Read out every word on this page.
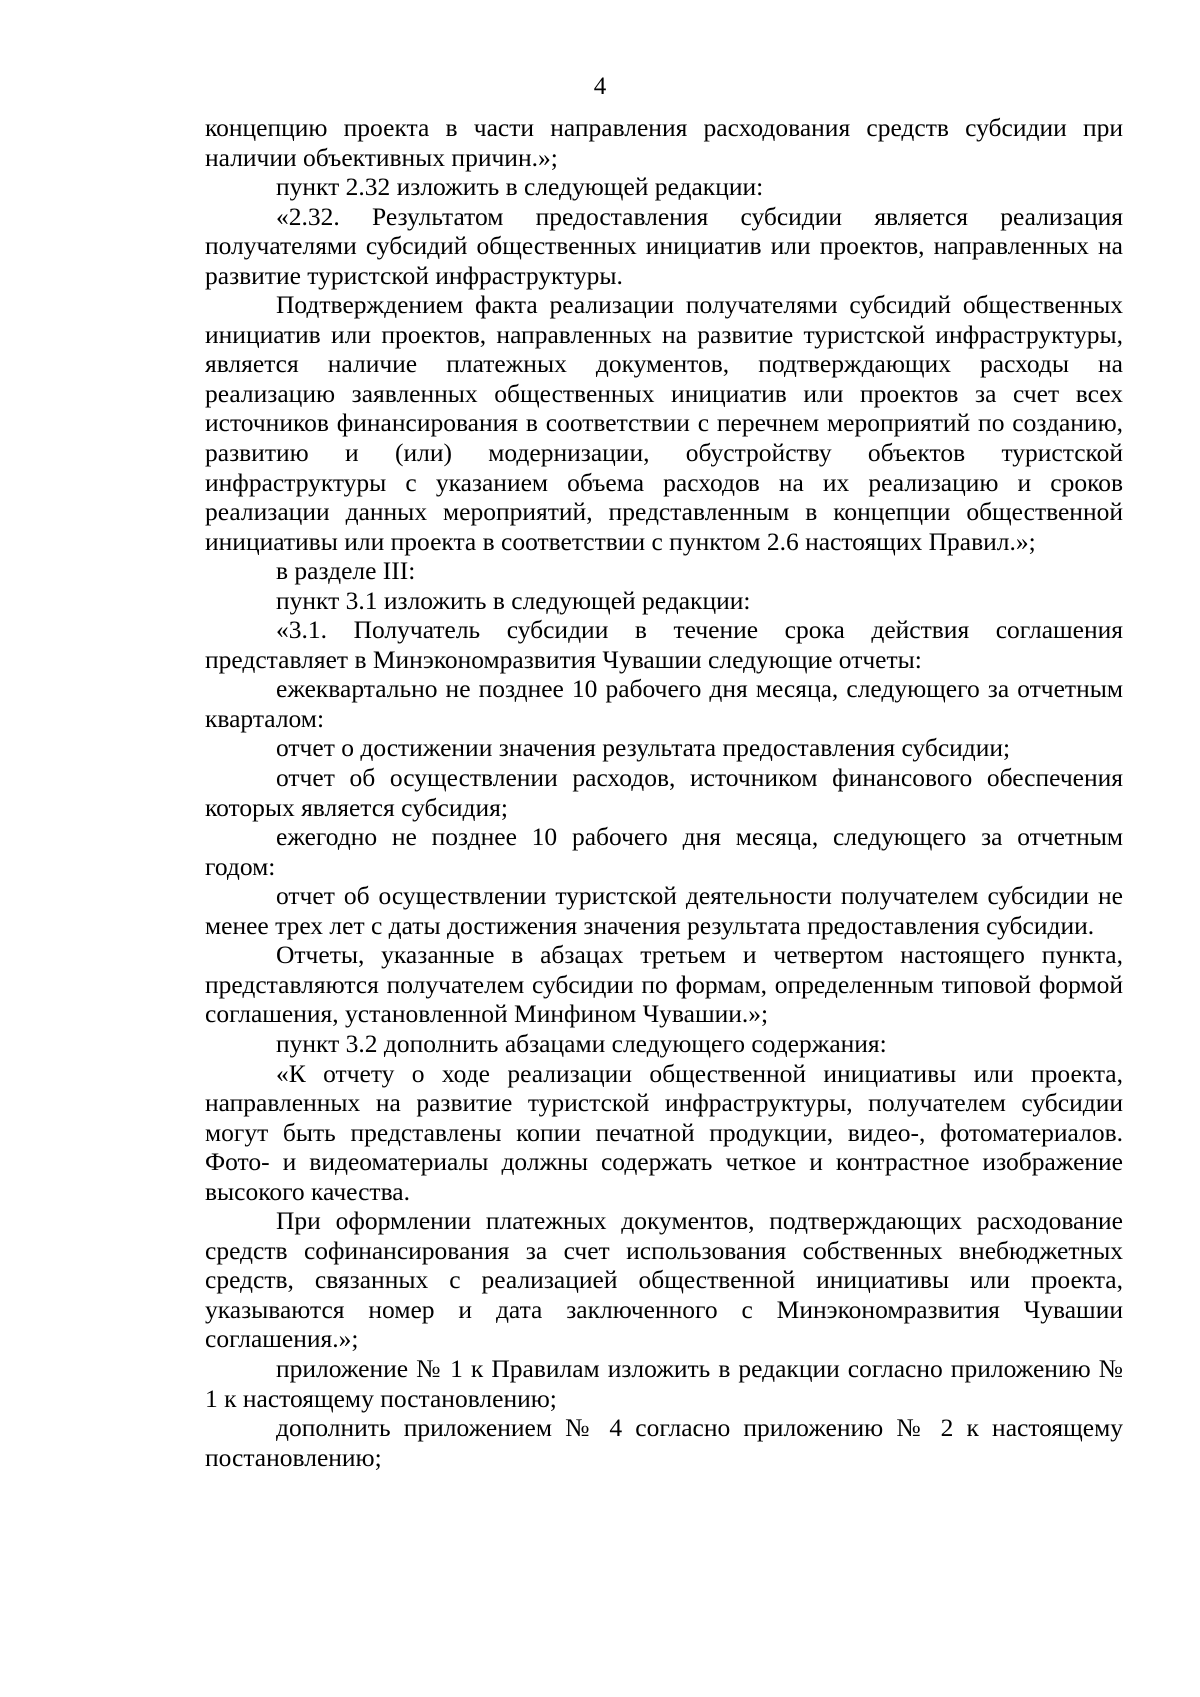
4

концепцию проекта в части направления расходования средств субсидии при наличии объективных причин.»;

пункт 2.32 изложить в следующей редакции:

«2.32. Результатом предоставления субсидии является реализация получателями субсидий общественных инициатив или проектов, направленных на развитие туристской инфраструктуры.

Подтверждением факта реализации получателями субсидий общественных инициатив или проектов, направленных на развитие туристской инфраструктуры, является наличие платежных документов, подтверждающих расходы на реализацию заявленных общественных инициатив или проектов за счет всех источников финансирования в соответствии с перечнем мероприятий по созданию, развитию и (или) модернизации, обустройству объектов туристской инфраструктуры с указанием объема расходов на их реализацию и сроков реализации данных мероприятий, представленным в концепции общественной инициативы или проекта в соответствии с пунктом 2.6 настоящих Правил.»;

в разделе III:

пункт 3.1 изложить в следующей редакции:

«3.1. Получатель субсидии в течение срока действия соглашения представляет в Минэкономразвития Чувашии следующие отчеты:

ежеквартально не позднее 10 рабочего дня месяца, следующего за отчетным кварталом:

отчет о достижении значения результата предоставления субсидии;

отчет об осуществлении расходов, источником финансового обеспечения которых является субсидия;

ежегодно не позднее 10 рабочего дня месяца, следующего за отчетным годом:

отчет об осуществлении туристской деятельности получателем субсидии не менее трех лет с даты достижения значения результата предоставления субсидии.

Отчеты, указанные в абзацах третьем и четвертом настоящего пункта, представляются получателем субсидии по формам, определенным типовой формой соглашения, установленной Минфином Чувашии.»;

пункт 3.2 дополнить абзацами следующего содержания:

«К отчету о ходе реализации общественной инициативы или проекта, направленных на развитие туристской инфраструктуры, получателем субсидии могут быть представлены копии печатной продукции, видео-, фотоматериалов. Фото- и видеоматериалы должны содержать четкое и контрастное изображение высокого качества.

При оформлении платежных документов, подтверждающих расходование средств софинансирования за счет использования собственных внебюджетных средств, связанных с реализацией общественной инициативы или проекта, указываются номер и дата заключенного с Минэкономразвития Чувашии соглашения.»;

приложение № 1 к Правилам изложить в редакции согласно приложению № 1 к настоящему постановлению;

дополнить приложением № 4 согласно приложению № 2 к настоящему постановлению;
